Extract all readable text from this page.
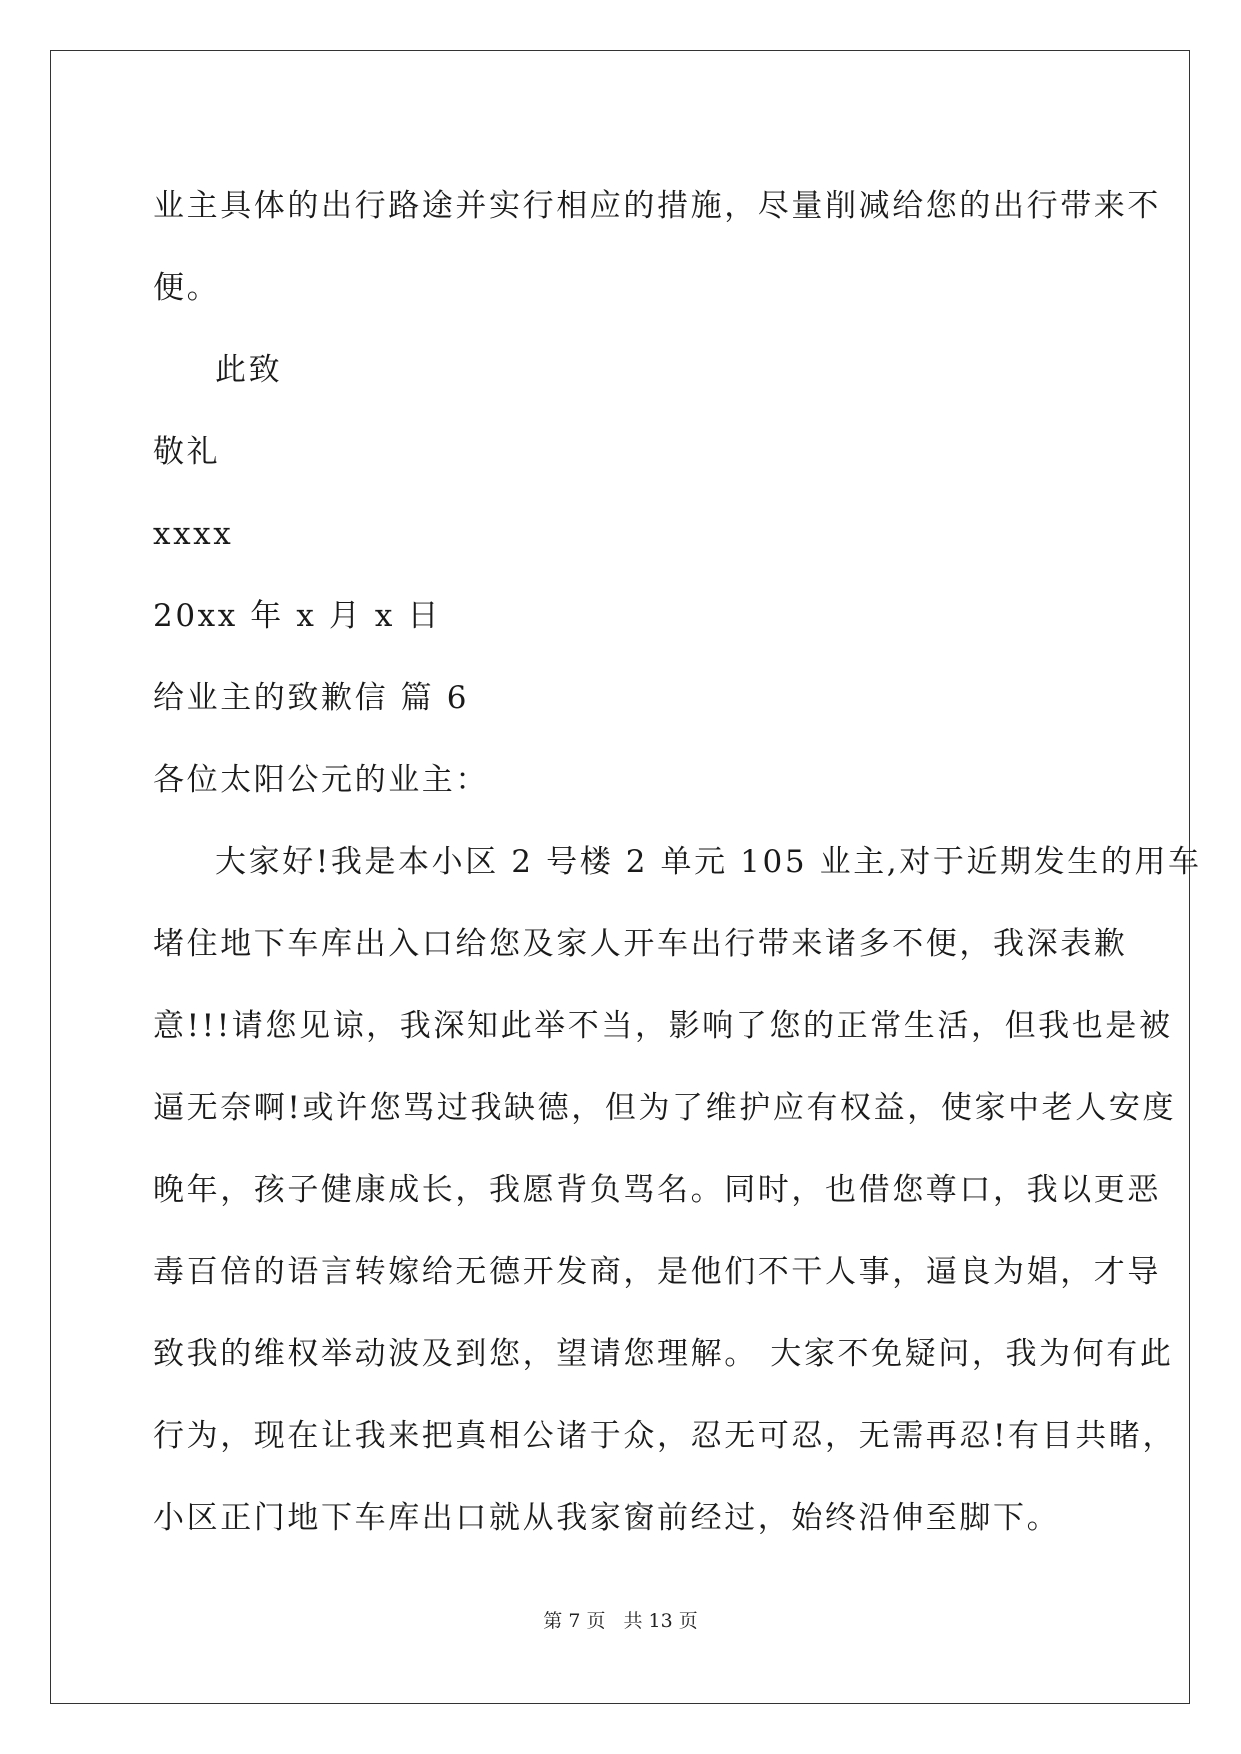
业主具体的出行路途并实行相应的措施，尽量削减给您的出行带来不
便。
此致
敬礼
xxxx
20xx 年 x 月 x 日
给业主的致歉信 篇 6
各位太阳公元的业主：
大家好!我是本小区 2 号楼 2 单元 105 业主,对于近期发生的用车
堵住地下车库出入口给您及家人开车出行带来诸多不便，我深表歉
意!!!请您见谅，我深知此举不当，影响了您的正常生活，但我也是被
逼无奈啊!或许您骂过我缺德，但为了维护应有权益，使家中老人安度
晚年，孩子健康成长，我愿背负骂名。同时，也借您尊口，我以更恶
毒百倍的语言转嫁给无德开发商，是他们不干人事，逼良为娼，才导
致我的维权举动波及到您，望请您理解。 大家不免疑问，我为何有此
行为，现在让我来把真相公诸于众，忍无可忍，无需再忍!有目共睹，
小区正门地下车库出口就从我家窗前经过，始终沿伸至脚下。
第 7 页 共 13 页
